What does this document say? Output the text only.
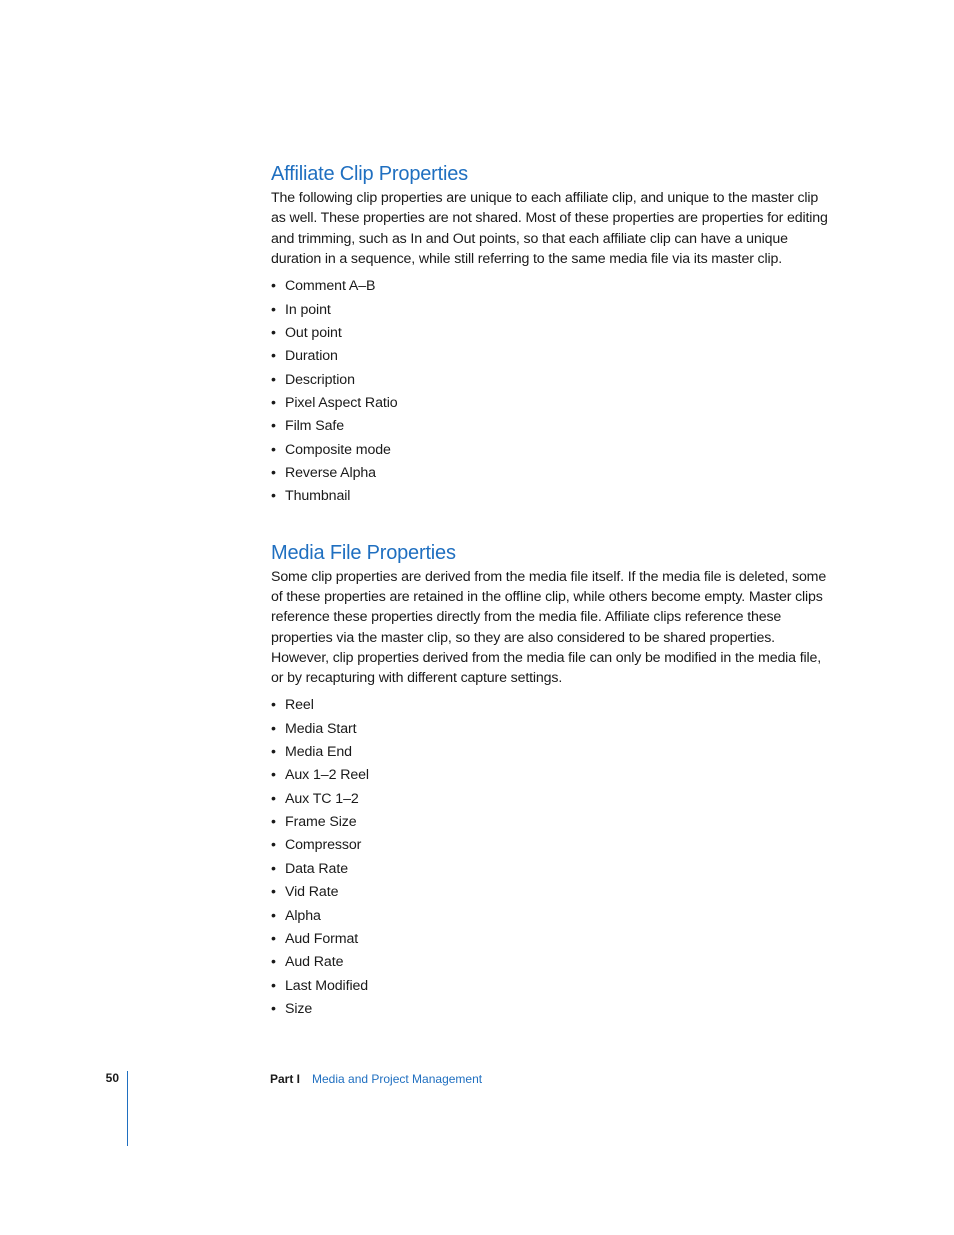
Affiliate Clip Properties

The following clip properties are unique to each affiliate clip, and unique to the master clip as well. These properties are not shared. Most of these properties are properties for editing and trimming, such as In and Out points, so that each affiliate clip can have a unique duration in a sequence, while still referring to the same media file via its master clip.

• Comment A–B
• In point
• Out point
• Duration
• Description
• Pixel Aspect Ratio
• Film Safe
• Composite mode
• Reverse Alpha
• Thumbnail
Media File Properties

Some clip properties are derived from the media file itself. If the media file is deleted, some of these properties are retained in the offline clip, while others become empty. Master clips reference these properties directly from the media file. Affiliate clips reference these properties via the master clip, so they are also considered to be shared properties. However, clip properties derived from the media file can only be modified in the media file, or by recapturing with different capture settings.

• Reel
• Media Start
• Media End
• Aux 1–2 Reel
• Aux TC 1–2
• Frame Size
• Compressor
• Data Rate
• Vid Rate
• Alpha
• Aud Format
• Aud Rate
• Last Modified
• Size
50	Part I Media and Project Management
